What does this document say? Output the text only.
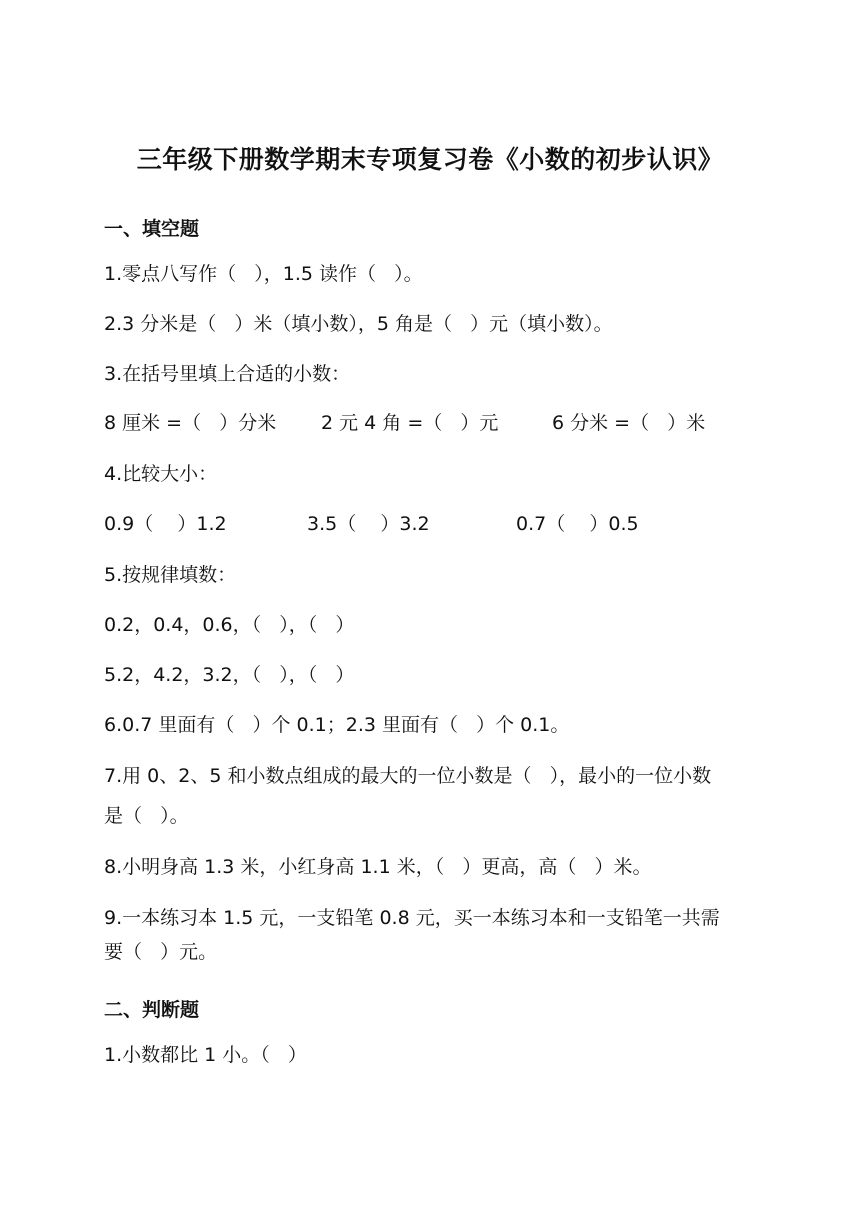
三年级下册数学期末专项复习卷《小数的初步认识》
一、填空题
1.零点八写作（   ），1.5 读作（   ）。
2.3 分米是（   ）米（填小数），5 角是（   ）元（填小数）。
3.在括号里填上合适的小数：
8 厘米 =（   ）分米 2 元 4 角 =（   ）元	6 分米 =（   ）米
4.比较大小：
0.9（    ）1.2	3.5（    ）3.2	0.7（    ）0.5
5.按规律填数：
0.2，0.4，0.6，（   ），（   ）
5.2，4.2，3.2，（   ），（   ）
6.0.7 里面有（   ）个 0.1；2.3 里面有（   ）个 0.1。
7.用 0、2、5 和小数点组成的最大的一位小数是（   ），最小的一位小数
是（   ）。
8.小明身高 1.3 米，小红身高 1.1 米，（   ）更高，高（   ）米。
9.一本练习本 1.5 元，一支铅笔 0.8 元，买一本练习本和一支铅笔一共需
要（   ）元。
二、判断题
1.小数都比 1 小。（   ）
